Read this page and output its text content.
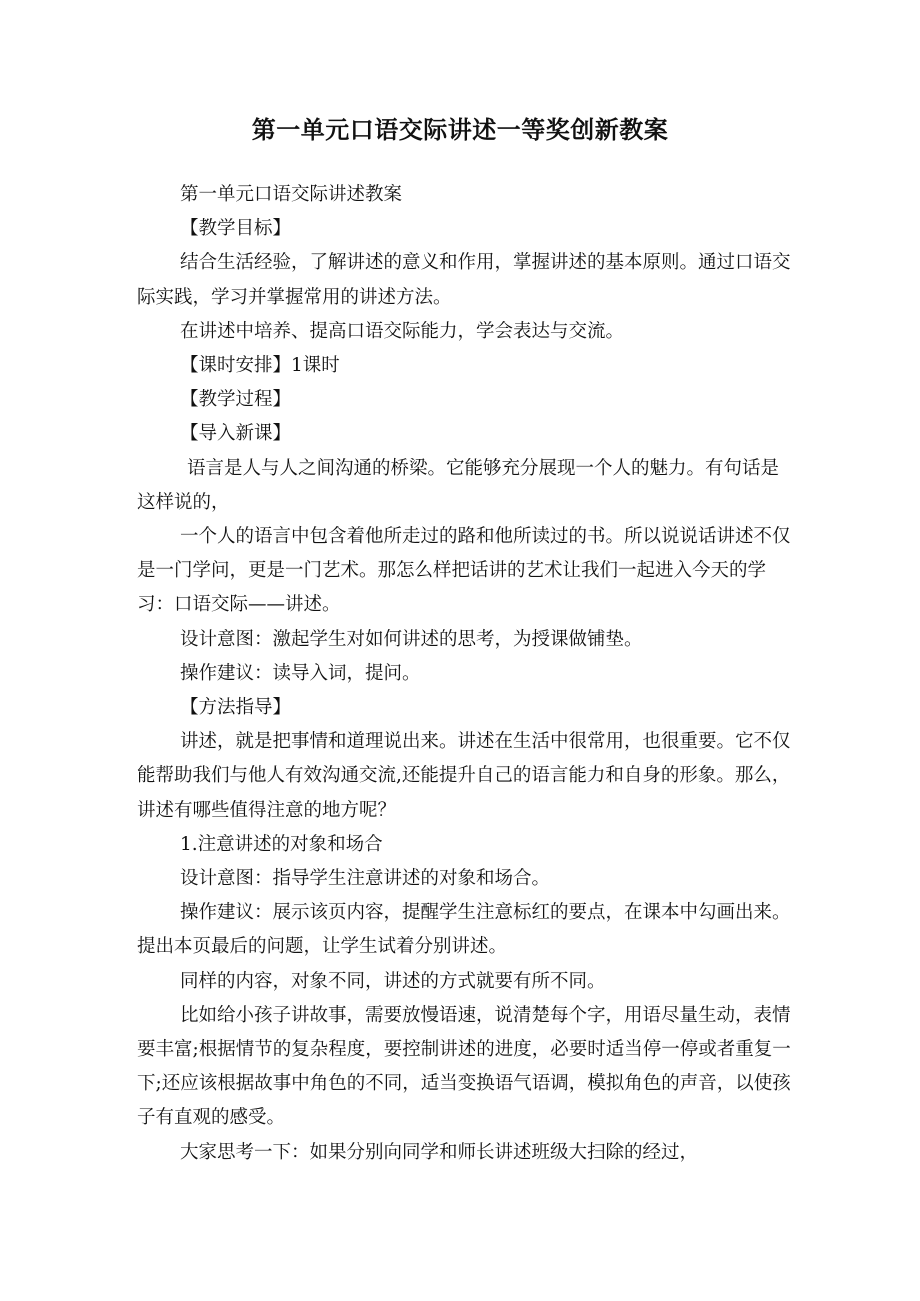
第一单元口语交际讲述一等奖创新教案

第一单元口语交际讲述教案

【教学目标】

结合生活经验，了解讲述的意义和作用，掌握讲述的基本原则。通过口语交际实践，学习并掌握常用的讲述方法。

在讲述中培养、提高口语交际能力，学会表达与交流。

【课时安排】1课时

【教学过程】

【导入新课】

语言是人与人之间沟通的桥梁。它能够充分展现一个人的魅力。有句话是这样说的，

一个人的语言中包含着他所走过的路和他所读过的书。所以说说话讲述不仅是一门学问，更是一门艺术。那怎么样把话讲的艺术让我们一起进入今天的学习：口语交际——讲述。

设计意图：激起学生对如何讲述的思考，为授课做铺垫。

操作建议：读导入词，提问。

【方法指导】

讲述，就是把事情和道理说出来。讲述在生活中很常用，也很重要。它不仅能帮助我们与他人有效沟通交流,还能提升自己的语言能力和自身的形象。那么，讲述有哪些值得注意的地方呢？

1.注意讲述的对象和场合

设计意图：指导学生注意讲述的对象和场合。

操作建议：展示该页内容，提醒学生注意标红的要点，在课本中勾画出来。提出本页最后的问题，让学生试着分别讲述。

同样的内容，对象不同，讲述的方式就要有所不同。

比如给小孩子讲故事，需要放慢语速，说清楚每个字，用语尽量生动，表情要丰富;根据情节的复杂程度，要控制讲述的进度，必要时适当停一停或者重复一下;还应该根据故事中角色的不同，适当变换语气语调，模拟角色的声音，以使孩子有直观的感受。

大家思考一下：如果分别向同学和师长讲述班级大扫除的经过，
